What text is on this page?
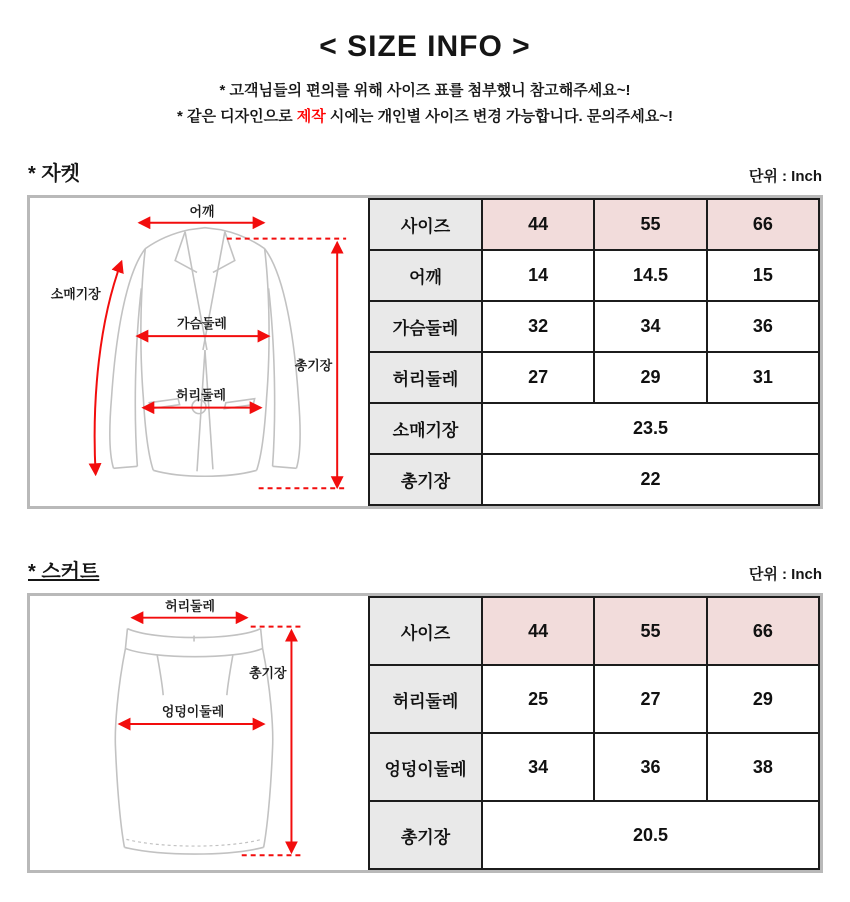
< SIZE INFO >
* 고객님들의 편의를 위해 사이즈 표를 첨부했니 참고해주세요~!
* 같은 디자인으로 제작 시에는 개인별 사이즈 변경 가능합니다. 문의주세요~!
* 자켓	단위 : Inch
어깨
소매기장
가슴둘레
허리둘레
총기장
사이즈	44	55	66
어깨	14	14.5	15
가슴둘레	32	34	36
허리둘레	27	29	31
소매기장	23.5		
총기장	22		
* 스커트	단위 : Inch
허리둘레
엉덩이둘레
총기장
사이즈	44	55	66
허리둘레	25	27	29
엉덩이둘레	34	36	38
총기장	20.5		
